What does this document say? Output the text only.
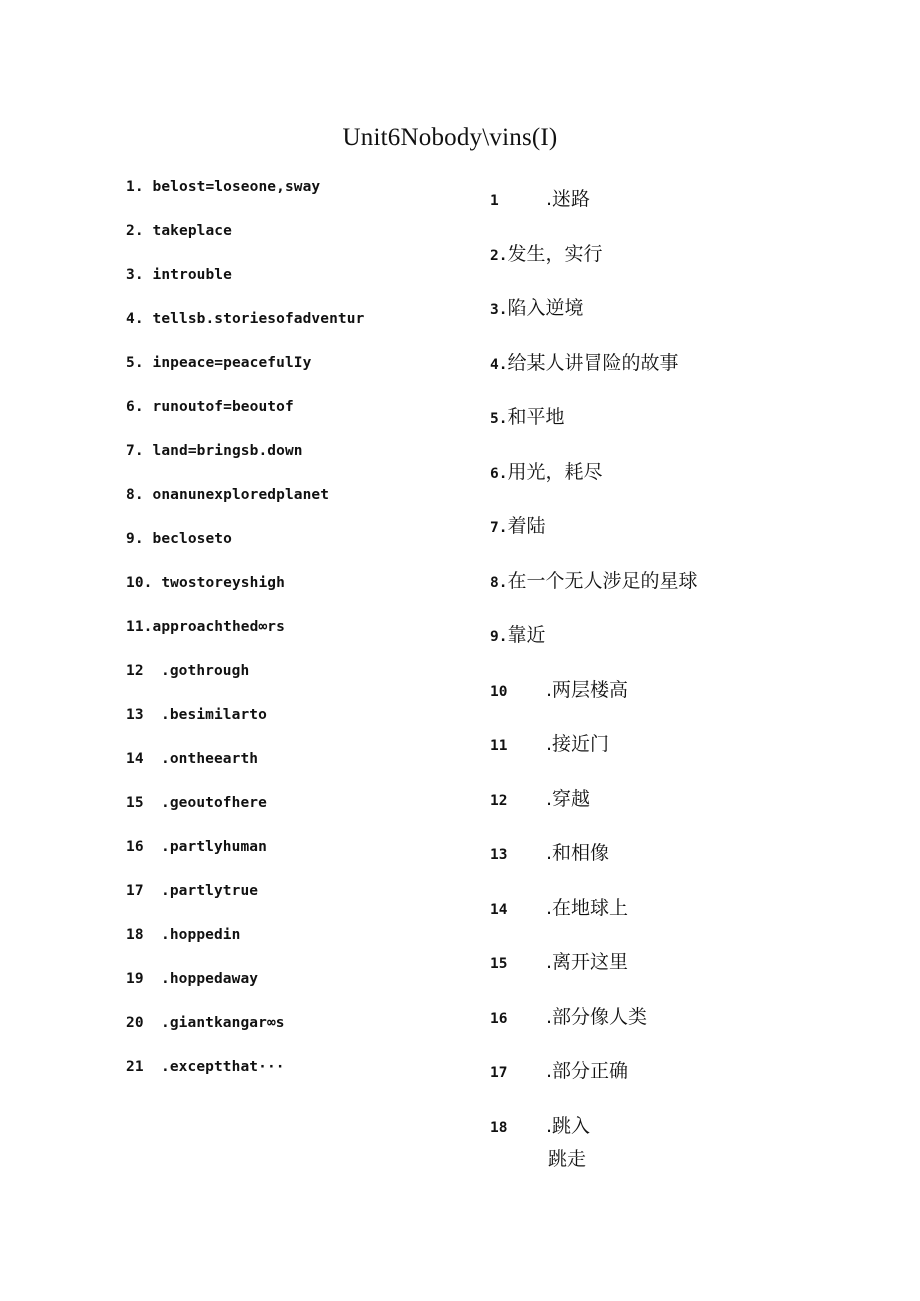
Unit6Nobody\vins(I)
1. belost=loseone,sway
2. takeplace
3. introuble
4. tellsb.storiesofadventur
5. inpeace=peacefulIy
6. runoutof=beoutof
7. land=bringsb.down
8. onanunexploredplanet
9. becloseto
10. twostoreyshigh
11.approachthed∞rs
12 .gothrough
13 .besimilarto
14 .ontheearth
15 .geoutofhere
16 .partlyhuman
17 .partlytrue
18 .hoppedin
19 .hoppedaway
20 .giantkangar∞s
21 .exceptthat···
1 .迷路
2.发生，实行
3.陷入逆境
4.给某人讲冒险的故事
5.和平地
6.用光，耗尽
7.着陆
8.在一个无人涉足的星球
9.靠近
10 .两层楼高
11 .接近门
12 .穿越
13 .和相像
14 .在地球上
15 .离开这里
16 .部分像人类
17 .部分正确
18 .跳入
跳走
